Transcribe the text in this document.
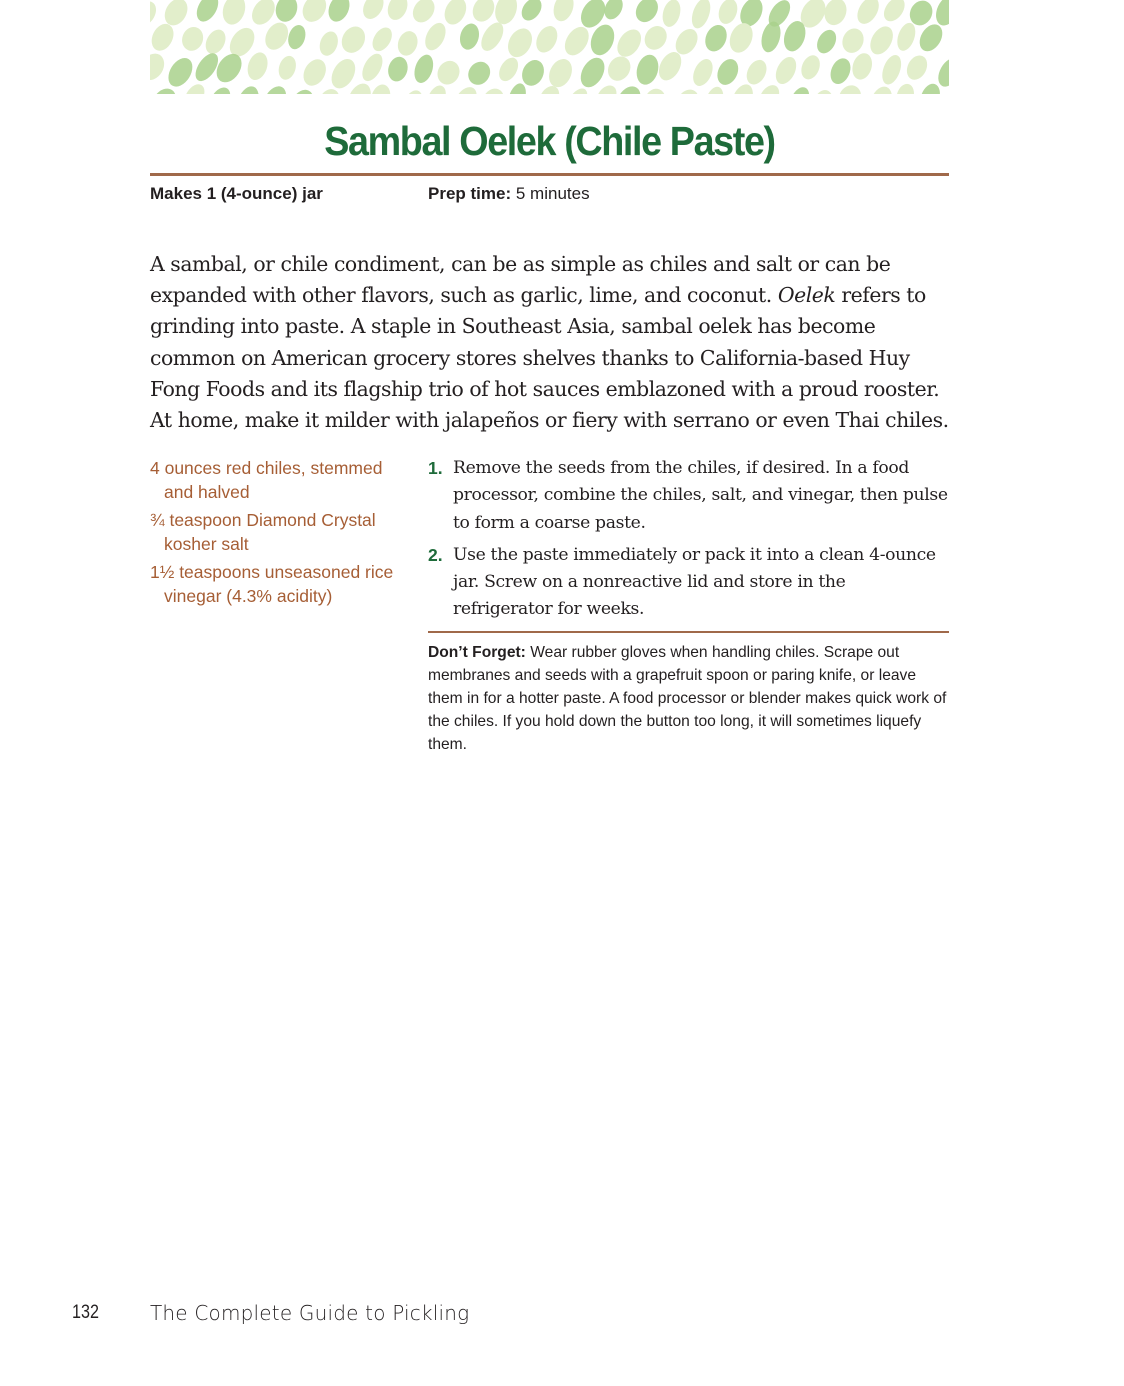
Sambal Oelek (Chile Paste)
Makes 1 (4-ounce) jar	Prep time: 5 minutes

A sambal, or chile condiment, can be as simple as chiles and salt or can be expanded with other flavors, such as garlic, lime, and coconut. Oelek refers to grinding into paste. A staple in Southeast Asia, sambal oelek has become common on American grocery stores shelves thanks to California-based Huy Fong Foods and its flagship trio of hot sauces emblazoned with a proud rooster. At home, make it milder with jalapeños or fiery with serrano or even Thai chiles.

4 ounces red chiles, stemmed and halved
¾ teaspoon Diamond Crystal kosher salt
1½ teaspoons unseasoned rice vinegar (4.3% acidity)
1. Remove the seeds from the chiles, if desired. In a food processor, combine the chiles, salt, and vinegar, then pulse to form a coarse paste.
2. Use the paste immediately or pack it into a clean 4-ounce jar. Screw on a nonreactive lid and store in the refrigerator for weeks.

Don’t Forget: Wear rubber gloves when handling chiles. Scrape out membranes and seeds with a grapefruit spoon or paring knife, or leave them in for a hotter paste. A food processor or blender makes quick work of the chiles. If you hold down the button too long, it will sometimes liquefy them.

132	The Complete Guide to Pickling
